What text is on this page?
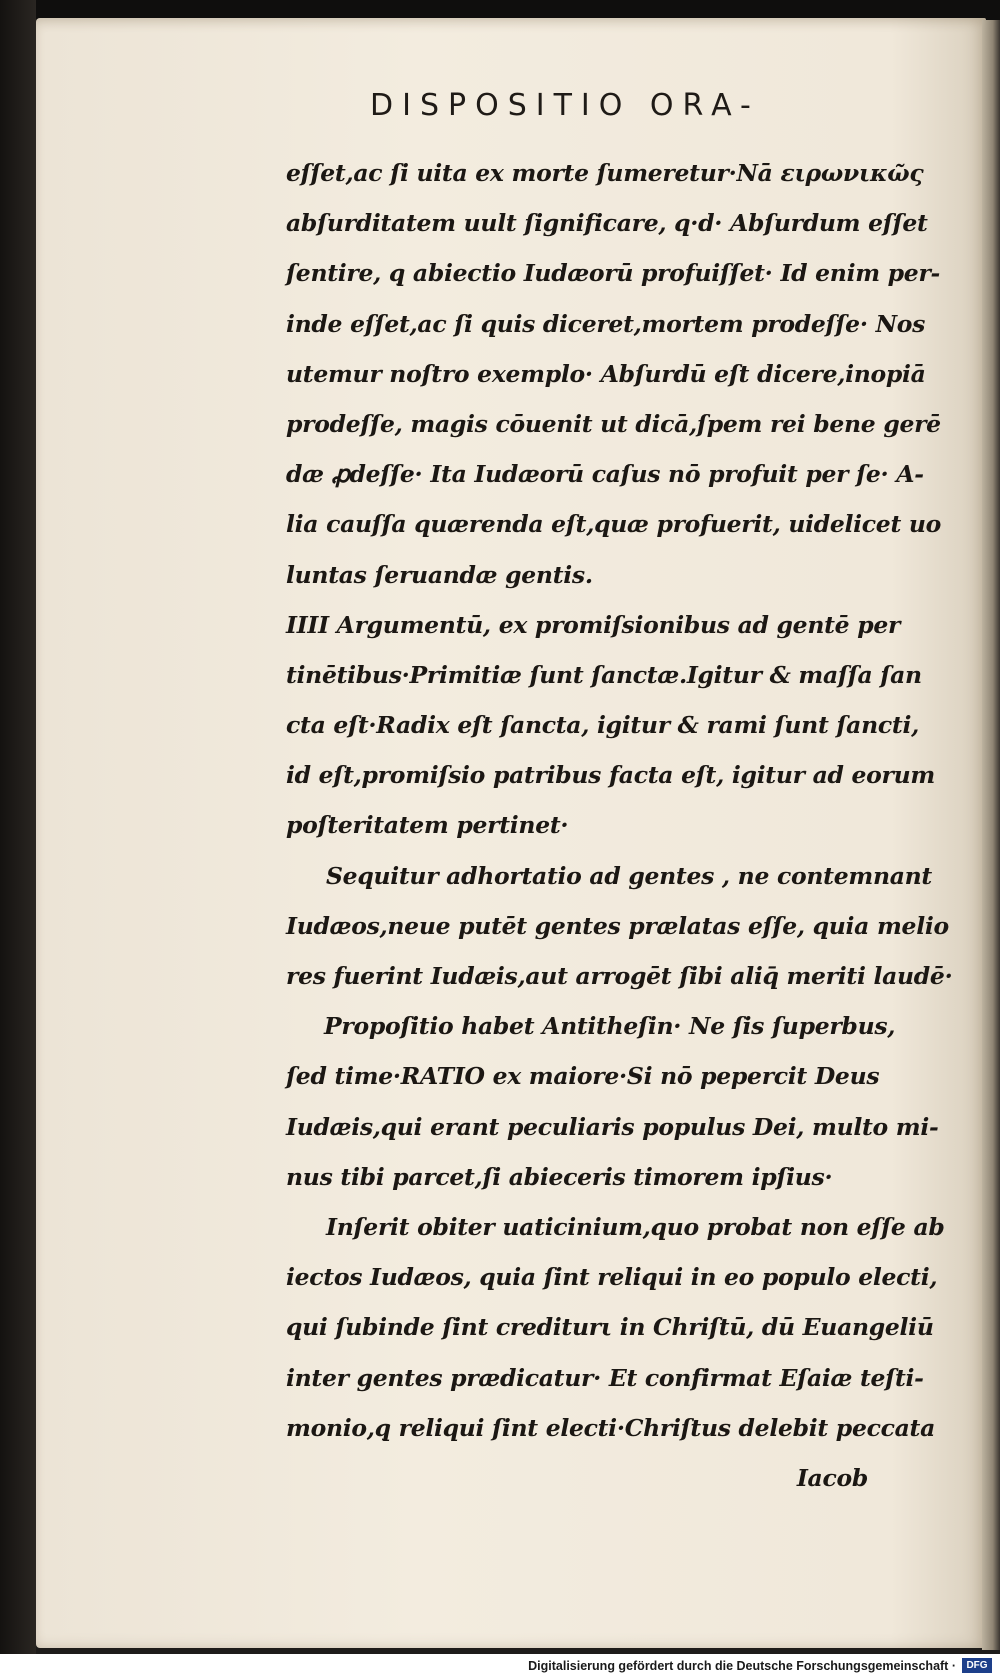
DISPOSITIO ORA-
eſſet,ac ſi uita ex morte ſumeretur·Nā ειρωνικῶς
abſurditatem uult ſignificare, q·d· Abſurdum eſſet
ſentire, q̧ abiectio Iudæorū profuiſſet· Id enim per-
inde eſſet,ac ſi quis diceret,mortem prodeſſe· Nos
utemur noſtro exemplo· Abſurdū eſt dicere,inopiā
prodeſſe, magis cōuenit ut dicā,ſpem rei bene gerē
dæ ꝓdeſſe· Ita Iudæorū caſus nō profuit per ſe· A-
lia cauſſa quærenda eſt,quæ profuerit, uidelicet uo
luntas ſeruandæ gentis.
IIII Argumentū, ex promiſsionibus ad gentē per
tinētibus·Primitiæ ſunt ſanctæ.Igitur & maſſa ſan
cta eſt·Radix eſt ſancta, igitur & rami ſunt ſancti,
id eſt,promiſsio patribus facta eſt, igitur ad eorum
poſteritatem pertinet·
Sequitur adhortatio ad gentes , ne contemnant
Iudæos,neue putēt gentes prælatas eſſe, quia melio
res fuerint Iudæis,aut arrogēt ſibi aliq̄ meriti laudē·
Propoſitio habet Antitheſin· Ne ſis ſuperbus,
ſed time·RATIO ex maiore·Si nō pepercit Deus
Iudæis,qui erant peculiaris populus Dei, multo mi-
nus tibi parcet,ſi abieceris timorem ipſius·
Inſerit obiter uaticinium,quo probat non eſſe ab
iectos Iudæos, quia ſint reliqui in eo populo electi,
qui ſubinde ſint crediturι in Chriſtū, dū Euangeliū
inter gentes prædicatur· Et confirmat Eſaiæ teſti-
monio,q̧ reliqui ſint electi·Chriſtus delebit peccata
Iacob
Digitalisierung gefördert durch die Deutsche Forschungsgemeinschaft ·	DFG
